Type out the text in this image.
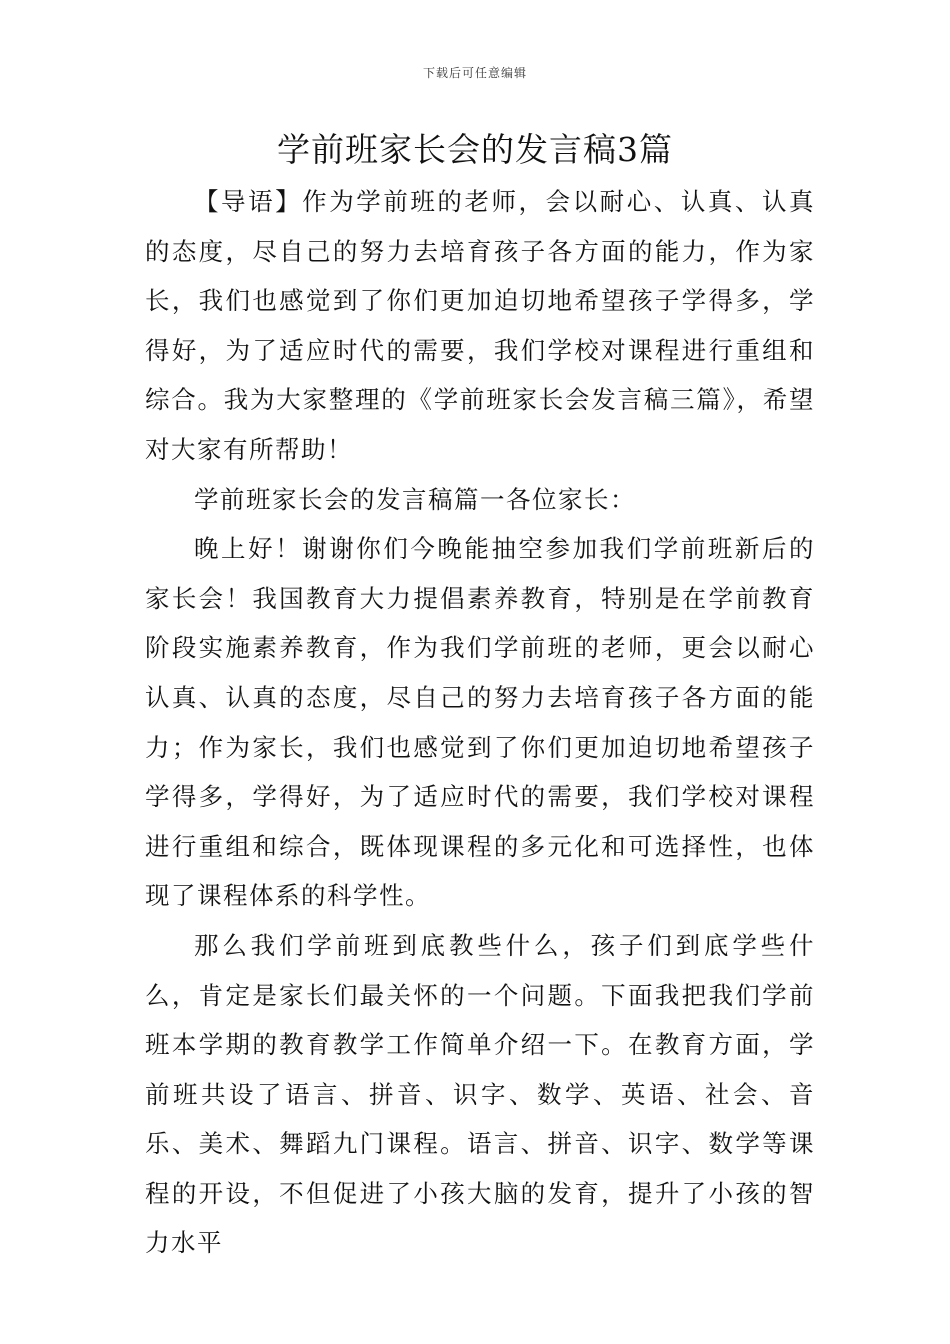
下载后可任意编辑
学前班家长会的发言稿3篇

【导语】作为学前班的老师，会以耐心、认真、认真的态度，尽自己的努力去培育孩子各方面的能力，作为家长，我们也感觉到了你们更加迫切地希望孩子学得多，学得好，为了适应时代的需要，我们学校对课程进行重组和综合。我为大家整理的《学前班家长会发言稿三篇》，希望对大家有所帮助！

学前班家长会的发言稿篇一各位家长：

晚上好！谢谢你们今晚能抽空参加我们学前班新后的家长会！我国教育大力提倡素养教育，特别是在学前教育阶段实施素养教育，作为我们学前班的老师，更会以耐心认真、认真的态度，尽自己的努力去培育孩子各方面的能力；作为家长，我们也感觉到了你们更加迫切地希望孩子学得多，学得好，为了适应时代的需要，我们学校对课程进行重组和综合，既体现课程的多元化和可选择性，也体现了课程体系的科学性。

那么我们学前班到底教些什么，孩子们到底学些什么，肯定是家长们最关怀的一个问题。下面我把我们学前班本学期的教育教学工作简单介绍一下。在教育方面，学前班共设了语言、拼音、识字、数学、英语、社会、音乐、美术、舞蹈九门课程。语言、拼音、识字、数学等课程的开设，不但促进了小孩大脑的发育，提升了小孩的智力水平
